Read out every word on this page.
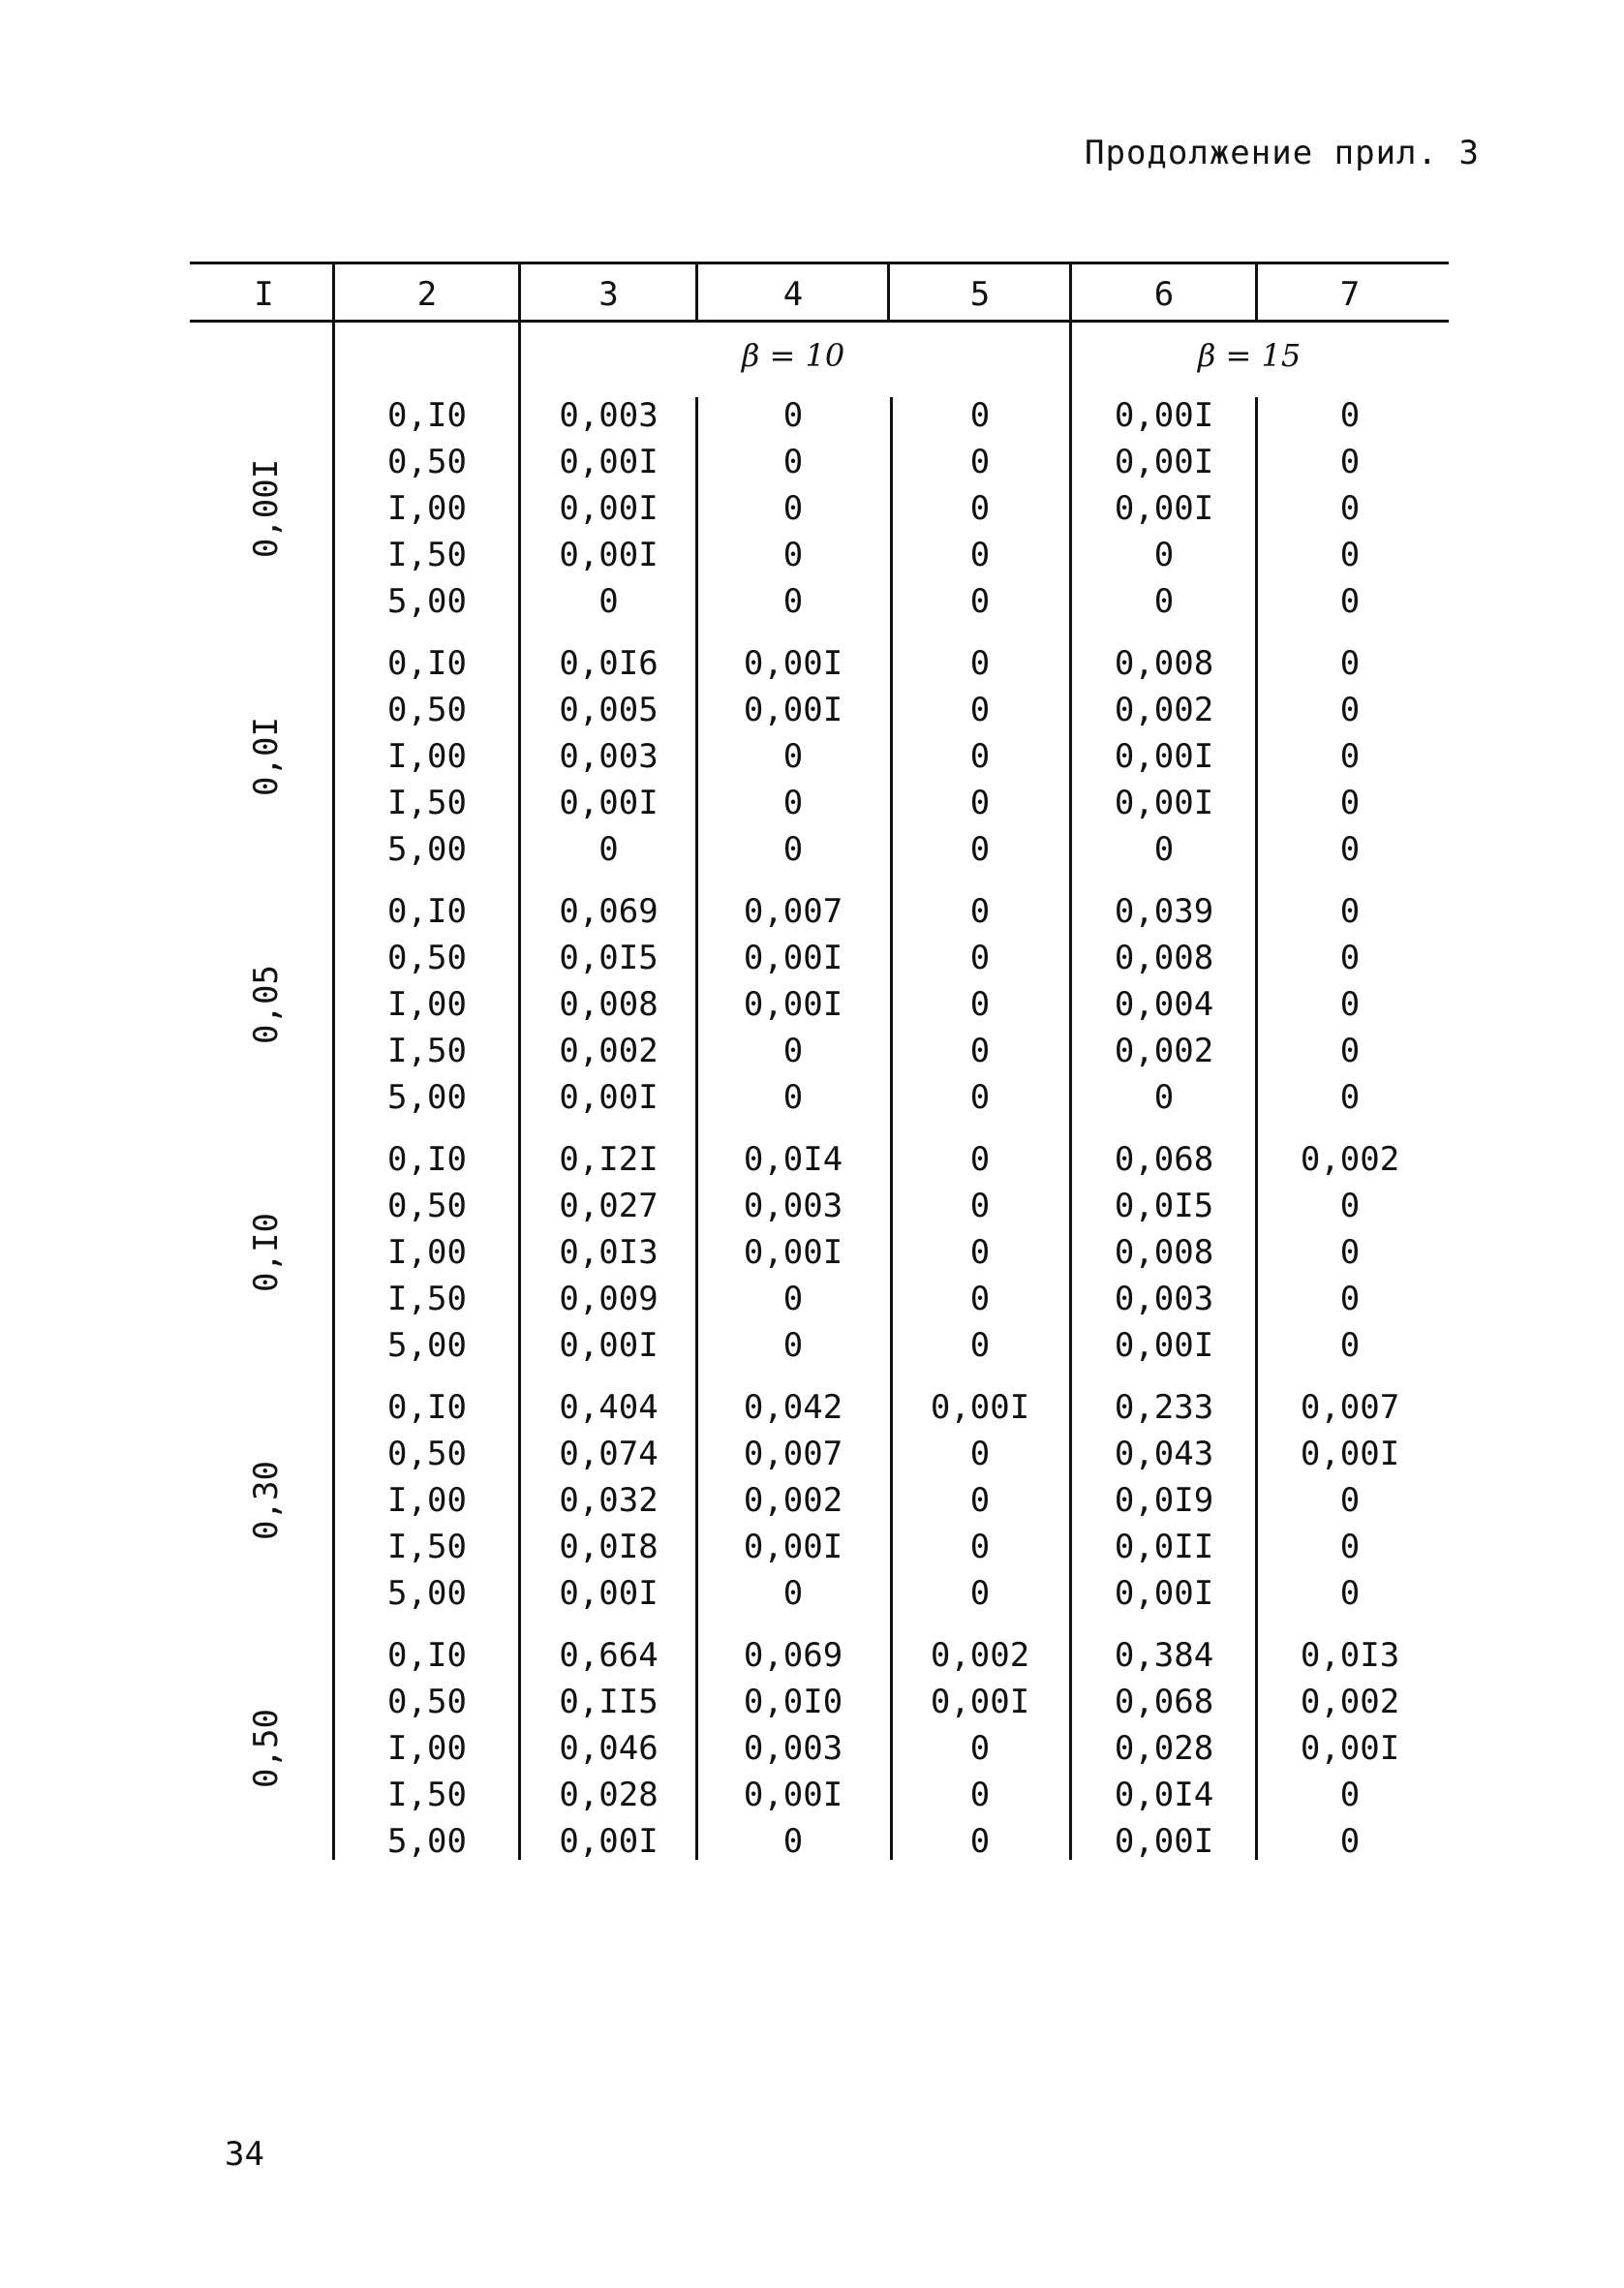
Продолжение прил. 3
I	2	3	4	5	6	7
β = 10	β = 15
0,00I
0,I0	0,003	0	0	0,00I	0
0,50	0,00I	0	0	0,00I	0
I,00	0,00I	0	0	0,00I	0
I,50	0,00I	0	0	0	0
5,00	0	0	0	0	0
0,0I
0,I0	0,0I6	0,00I	0	0,008	0
0,50	0,005	0,00I	0	0,002	0
I,00	0,003	0	0	0,00I	0
I,50	0,00I	0	0	0,00I	0
5,00	0	0	0	0	0
0,05
0,I0	0,069	0,007	0	0,039	0
0,50	0,0I5	0,00I	0	0,008	0
I,00	0,008	0,00I	0	0,004	0
I,50	0,002	0	0	0,002	0
5,00	0,00I	0	0	0	0
0,I0
0,I0	0,I2I	0,0I4	0	0,068	0,002
0,50	0,027	0,003	0	0,0I5	0
I,00	0,0I3	0,00I	0	0,008	0
I,50	0,009	0	0	0,003	0
5,00	0,00I	0	0	0,00I	0
0,30
0,I0	0,404	0,042	0,00I	0,233	0,007
0,50	0,074	0,007	0	0,043	0,00I
I,00	0,032	0,002	0	0,0I9	0
I,50	0,0I8	0,00I	0	0,0II	0
5,00	0,00I	0	0	0,00I	0
0,50
0,I0	0,664	0,069	0,002	0,384	0,0I3
0,50	0,II5	0,0I0	0,00I	0,068	0,002
I,00	0,046	0,003	0	0,028	0,00I
I,50	0,028	0,00I	0	0,0I4	0
5,00	0,00I	0	0	0,00I	0
34
